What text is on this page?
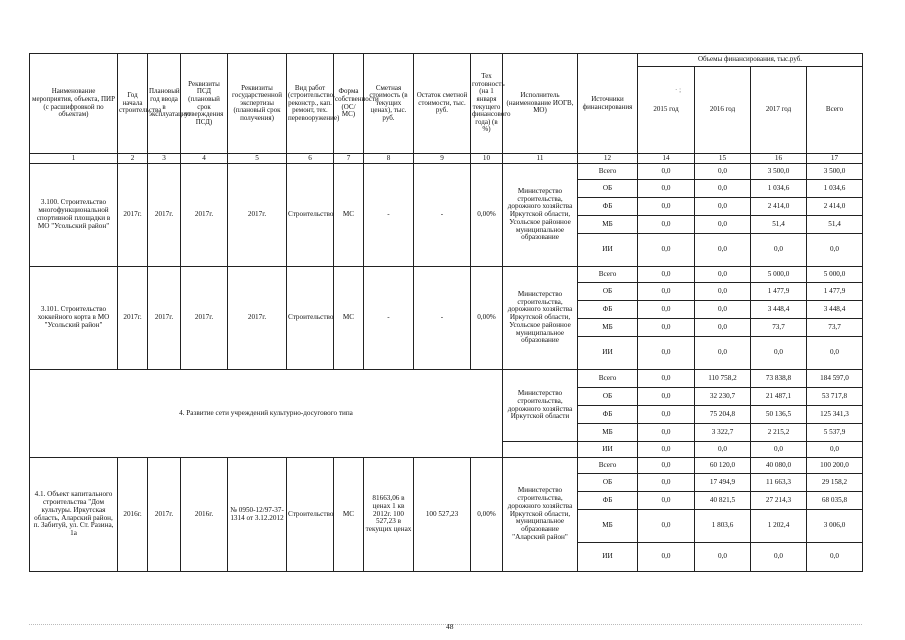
· ;
Наименование мероприятия, объекта, ПИР (с расшифровкой по объектам)	Год начала строительства	Плановый год ввода в эксплуатацию	Реквизиты ПСД (плановый срок утверждения ПСД)	Реквизиты государственной экспертизы (плановый срок получения)	Вид работ (строительство, реконстр., кап. ремонт, тех. перевооружение)	Форма собственности (ОС/МС)	Сметная стоимость (в текущих ценах), тыс. руб.	Остаток сметной стоимости, тыс. руб.	Тех готовность (на 1 января текущего финансового года) (в %)	Исполнитель (наименование ИОГВ, МО)	Источники финансирования	Объемы финансирования, тыс.руб.			
												2015 год	2016 год	2017 год	Всего
1	2	3	4	5	6	7	8	9	10	11	12	14	15	16	17
3.100. Строительство многофункциональной спортивной площадки в МО "Усольский район"	2017г.	2017г.	2017г.	2017г.	Строительство	МС	-	-	0,00%	Министерство строительства, дорожного хозяйства Иркутской области, Усольское районное муниципальное образование	Всего	0,0	0,0	3 500,0	3 500,0
											ОБ	0,0	0,0	1 034,6	1 034,6
											ФБ	0,0	0,0	2 414,0	2 414,0
											МБ	0,0	0,0	51,4	51,4
											ИИ	0,0	0,0	0,0	0,0
3.101. Строительство хоккейного корта в МО "Усольский район"	2017г.	2017г.	2017г.	2017г.	Строительство	МС	-	-	0,00%	Министерство строительства, дорожного хозяйства Иркутской области, Усольское районное муниципальное образование	Всего	0,0	0,0	5 000,0	5 000,0
											ОБ	0,0	0,0	1 477,9	1 477,9
											ФБ	0,0	0,0	3 448,4	3 448,4
											МБ	0,0	0,0	73,7	73,7
											ИИ	0,0	0,0	0,0	0,0
4. Развитие сети учреждений культурно-досугового типа										Министерство строительства, дорожного хозяйства Иркутской области	Всего	0,0	110 758,2	73 838,8	184 597,0
											ОБ	0,0	32 230,7	21 487,1	53 717,8
											ФБ	0,0	75 204,8	50 136,5	125 341,3
											МБ	0,0	3 322,7	2 215,2	5 537,9
											ИИ	0,0	0,0	0,0	0,0
4.1. Объект капитального строительства "Дом культуры. Иркутская область, Аларский район, п. Забитуй, ул. Ст. Разина, 1а	2016г.	2017г.	2016г.	№ 0950-12/97-37-1314 от 3.12.2012	Строительство	МС	81663,06 в ценах 1 кв 2012г. 100 527,23 в текущих ценах	100 527,23	0,00%	Министерство строительства, дорожного хозяйства Иркутской области, муниципальное образование "Аларский район"	Всего	0,0	60 120,0	40 080,0	100 200,0
											ОБ	0,0	17 494,9	11 663,3	29 158,2
											ФБ	0,0	40 821,5	27 214,3	68 035,8
											МБ	0,0	1 803,6	1 202,4	3 006,0
											ИИ	0,0	0,0	0,0	0,0
48
